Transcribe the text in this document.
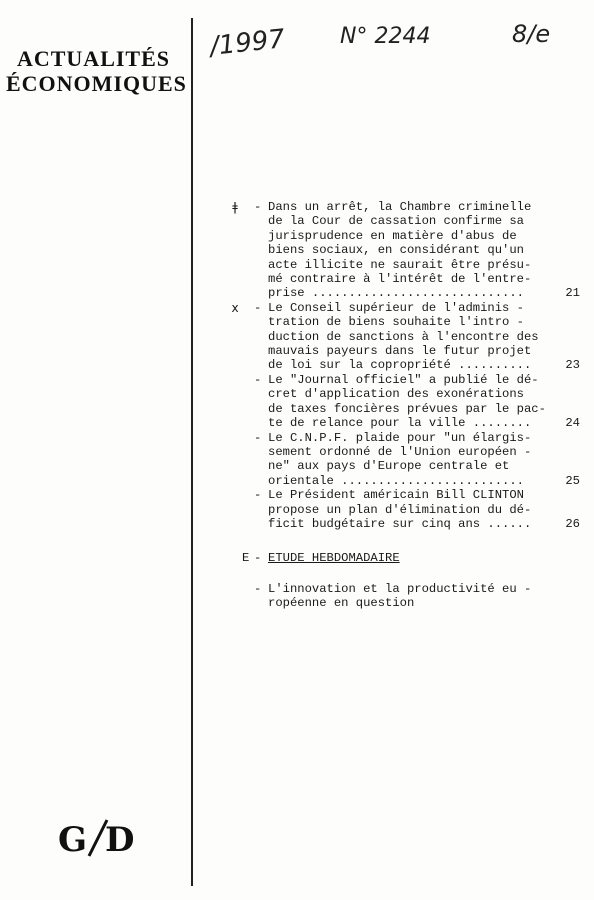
ACTUALITÉS
ÉCONOMIQUES
/1997 N° 2244	8/e
ǂ	- Dans un arrêt, la Chambre criminelle
de la Cour de cassation confirme sa
jurisprudence en matière d'abus de
biens sociaux, en considérant qu'un
acte illicite ne saurait être présu-
mé contraire à l'intérêt de l'entre-
prise .............................	21
x - Le Conseil supérieur de l'adminis -
tration de biens souhaite l'intro -
duction de sanctions à l'encontre des
mauvais payeurs dans le futur projet
de loi sur la copropriété ..........	23
- Le "Journal officiel" a publié le dé-
cret d'application des exonérations
de taxes foncières prévues par le pac-
te de relance pour la ville ........	24
- Le C.N.P.F. plaide pour "un élargis-
sement ordonné de l'Union européen -
ne" aux pays d'Europe centrale et
orientale .........................	25
- Le Président américain Bill CLINTON
propose un plan d'élimination du dé-
ficit budgétaire sur cinq ans ......	26
E - ETUDE HEBDOMADAIRE
- L'innovation et la productivité eu -
ropéenne en question
G D
